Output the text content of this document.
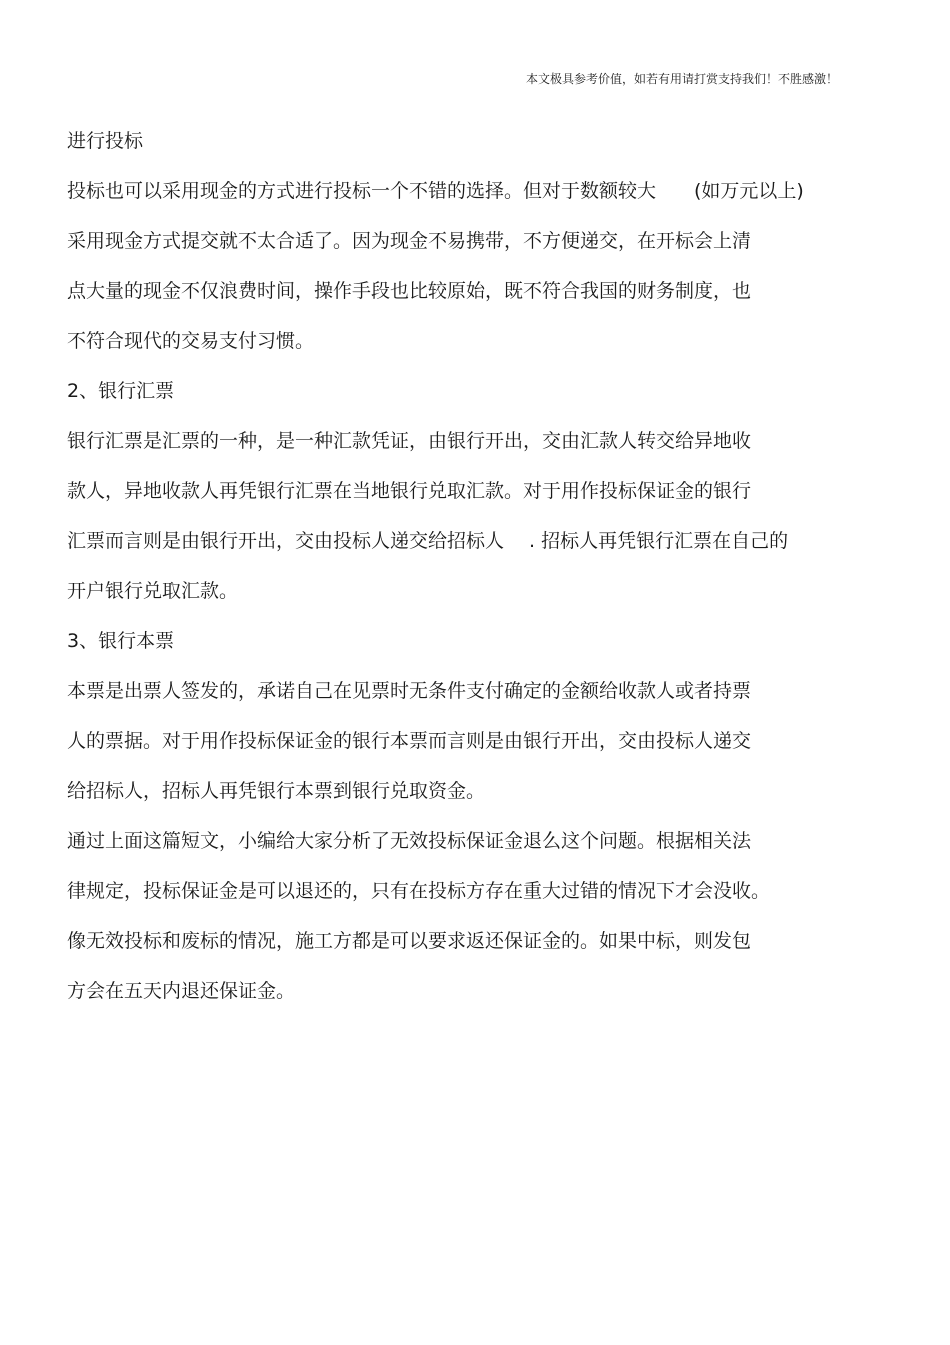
本文极具参考价值，如若有用请打赏支持我们！不胜感激！
进行投标
投标也可以采用现金的方式进行投标一个不错的选择。但对于数额较大　　(如万元以上)
采用现金方式提交就不太合适了。因为现金不易携带，不方便递交，在开标会上清
点大量的现金不仅浪费时间，操作手段也比较原始，既不符合我国的财务制度，也
不符合现代的交易支付习惯。
2、银行汇票
银行汇票是汇票的一种，是一种汇款凭证，由银行开出，交由汇款人转交给异地收
款人，异地收款人再凭银行汇票在当地银行兑取汇款。对于用作投标保证金的银行
汇票而言则是由银行开出，交由投标人递交给招标人　 . 招标人再凭银行汇票在自己的
开户银行兑取汇款。
3、银行本票
本票是出票人签发的，承诺自己在见票时无条件支付确定的金额给收款人或者持票
人的票据。对于用作投标保证金的银行本票而言则是由银行开出，交由投标人递交
给招标人，招标人再凭银行本票到银行兑取资金。
通过上面这篇短文，小编给大家分析了无效投标保证金退么这个问题。根据相关法
律规定，投标保证金是可以退还的，只有在投标方存在重大过错的情况下才会没收。
像无效投标和废标的情况，施工方都是可以要求返还保证金的。如果中标，则发包
方会在五天内退还保证金。
